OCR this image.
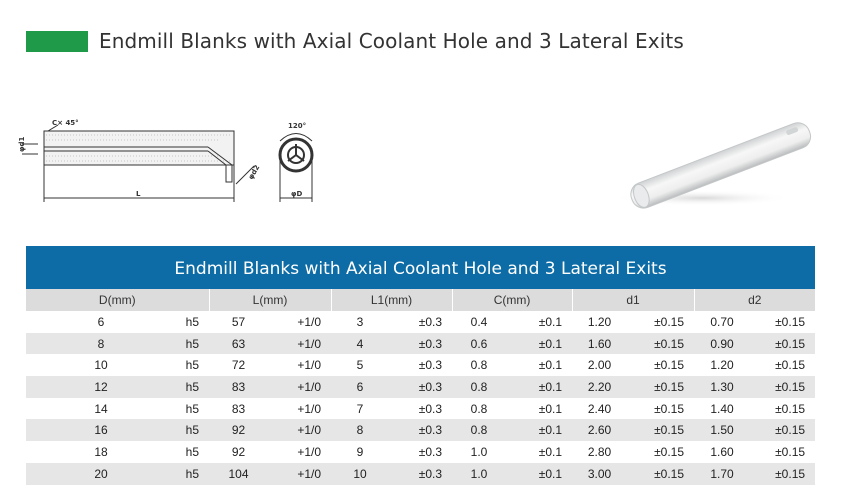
Endmill Blanks with Axial Coolant Hole and 3 Lateral Exits
C× 45°
φd1
L
φd2
120°
φD
Endmill Blanks with Axial Coolant Hole and 3 Lateral Exits
D(mm)		L(mm)		L1(mm)		C(mm)		d1		d2	
6	h5	57	+1/0	3	±0.3	0.4	±0.1	1.20	±0.15	0.70	±0.15
8	h5	63	+1/0	4	±0.3	0.6	±0.1	1.60	±0.15	0.90	±0.15
10	h5	72	+1/0	5	±0.3	0.8	±0.1	2.00	±0.15	1.20	±0.15
12	h5	83	+1/0	6	±0.3	0.8	±0.1	2.20	±0.15	1.30	±0.15
14	h5	83	+1/0	7	±0.3	0.8	±0.1	2.40	±0.15	1.40	±0.15
16	h5	92	+1/0	8	±0.3	0.8	±0.1	2.60	±0.15	1.50	±0.15
18	h5	92	+1/0	9	±0.3	1.0	±0.1	2.80	±0.15	1.60	±0.15
20	h5	104	+1/0	10	±0.3	1.0	±0.1	3.00	±0.15	1.70	±0.15
